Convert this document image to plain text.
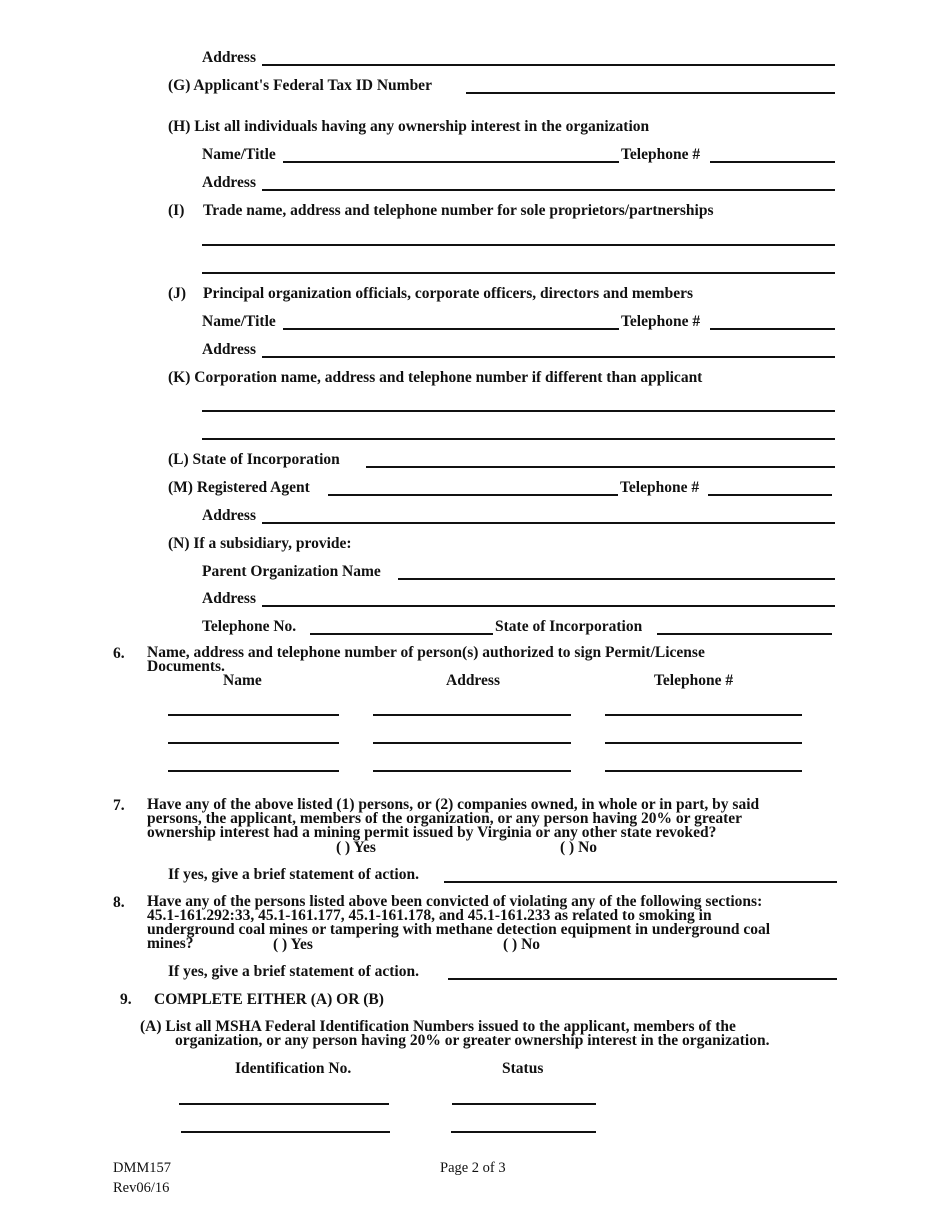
Address
(G) Applicant's Federal Tax ID Number
(H) List all individuals having any ownership interest in the organization
Name/Title	Telephone #
Address
(I) Trade name, address and telephone number for sole proprietors/partnerships
(J) Principal organization officials, corporate officers, directors and members
Name/Title	Telephone #
Address
(K) Corporation name, address and telephone number if different than applicant
(L) State of Incorporation
(M) Registered Agent	Telephone #
Address
(N) If a subsidiary, provide:
Parent Organization Name
Address
Telephone No.	State of Incorporation
6. Name, address and telephone number of person(s) authorized to sign Permit/License
Documents.
Name	Address	Telephone #
7. Have any of the above listed (1) persons, or (2) companies owned, in whole or in part, by said
persons, the applicant, members of the organization, or any person having 20% or greater
ownership interest had a mining permit issued by Virginia or any other state revoked?
( ) Yes	( ) No
If yes, give a brief statement of action.
8. Have any of the persons listed above been convicted of violating any of the following sections:
45.1-161.292:33, 45.1-161.177, 45.1-161.178, and 45.1-161.233 as related to smoking in
underground coal mines or tampering with methane detection equipment in underground coal
mines?	( ) Yes	( ) No
If yes, give a brief statement of action.
9. COMPLETE EITHER (A) OR (B)
(A) List all MSHA Federal Identification Numbers issued to the applicant, members of the
organization, or any person having 20% or greater ownership interest in the organization.
Identification No.	Status
DMM157
Rev06/16
Page 2 of 3
